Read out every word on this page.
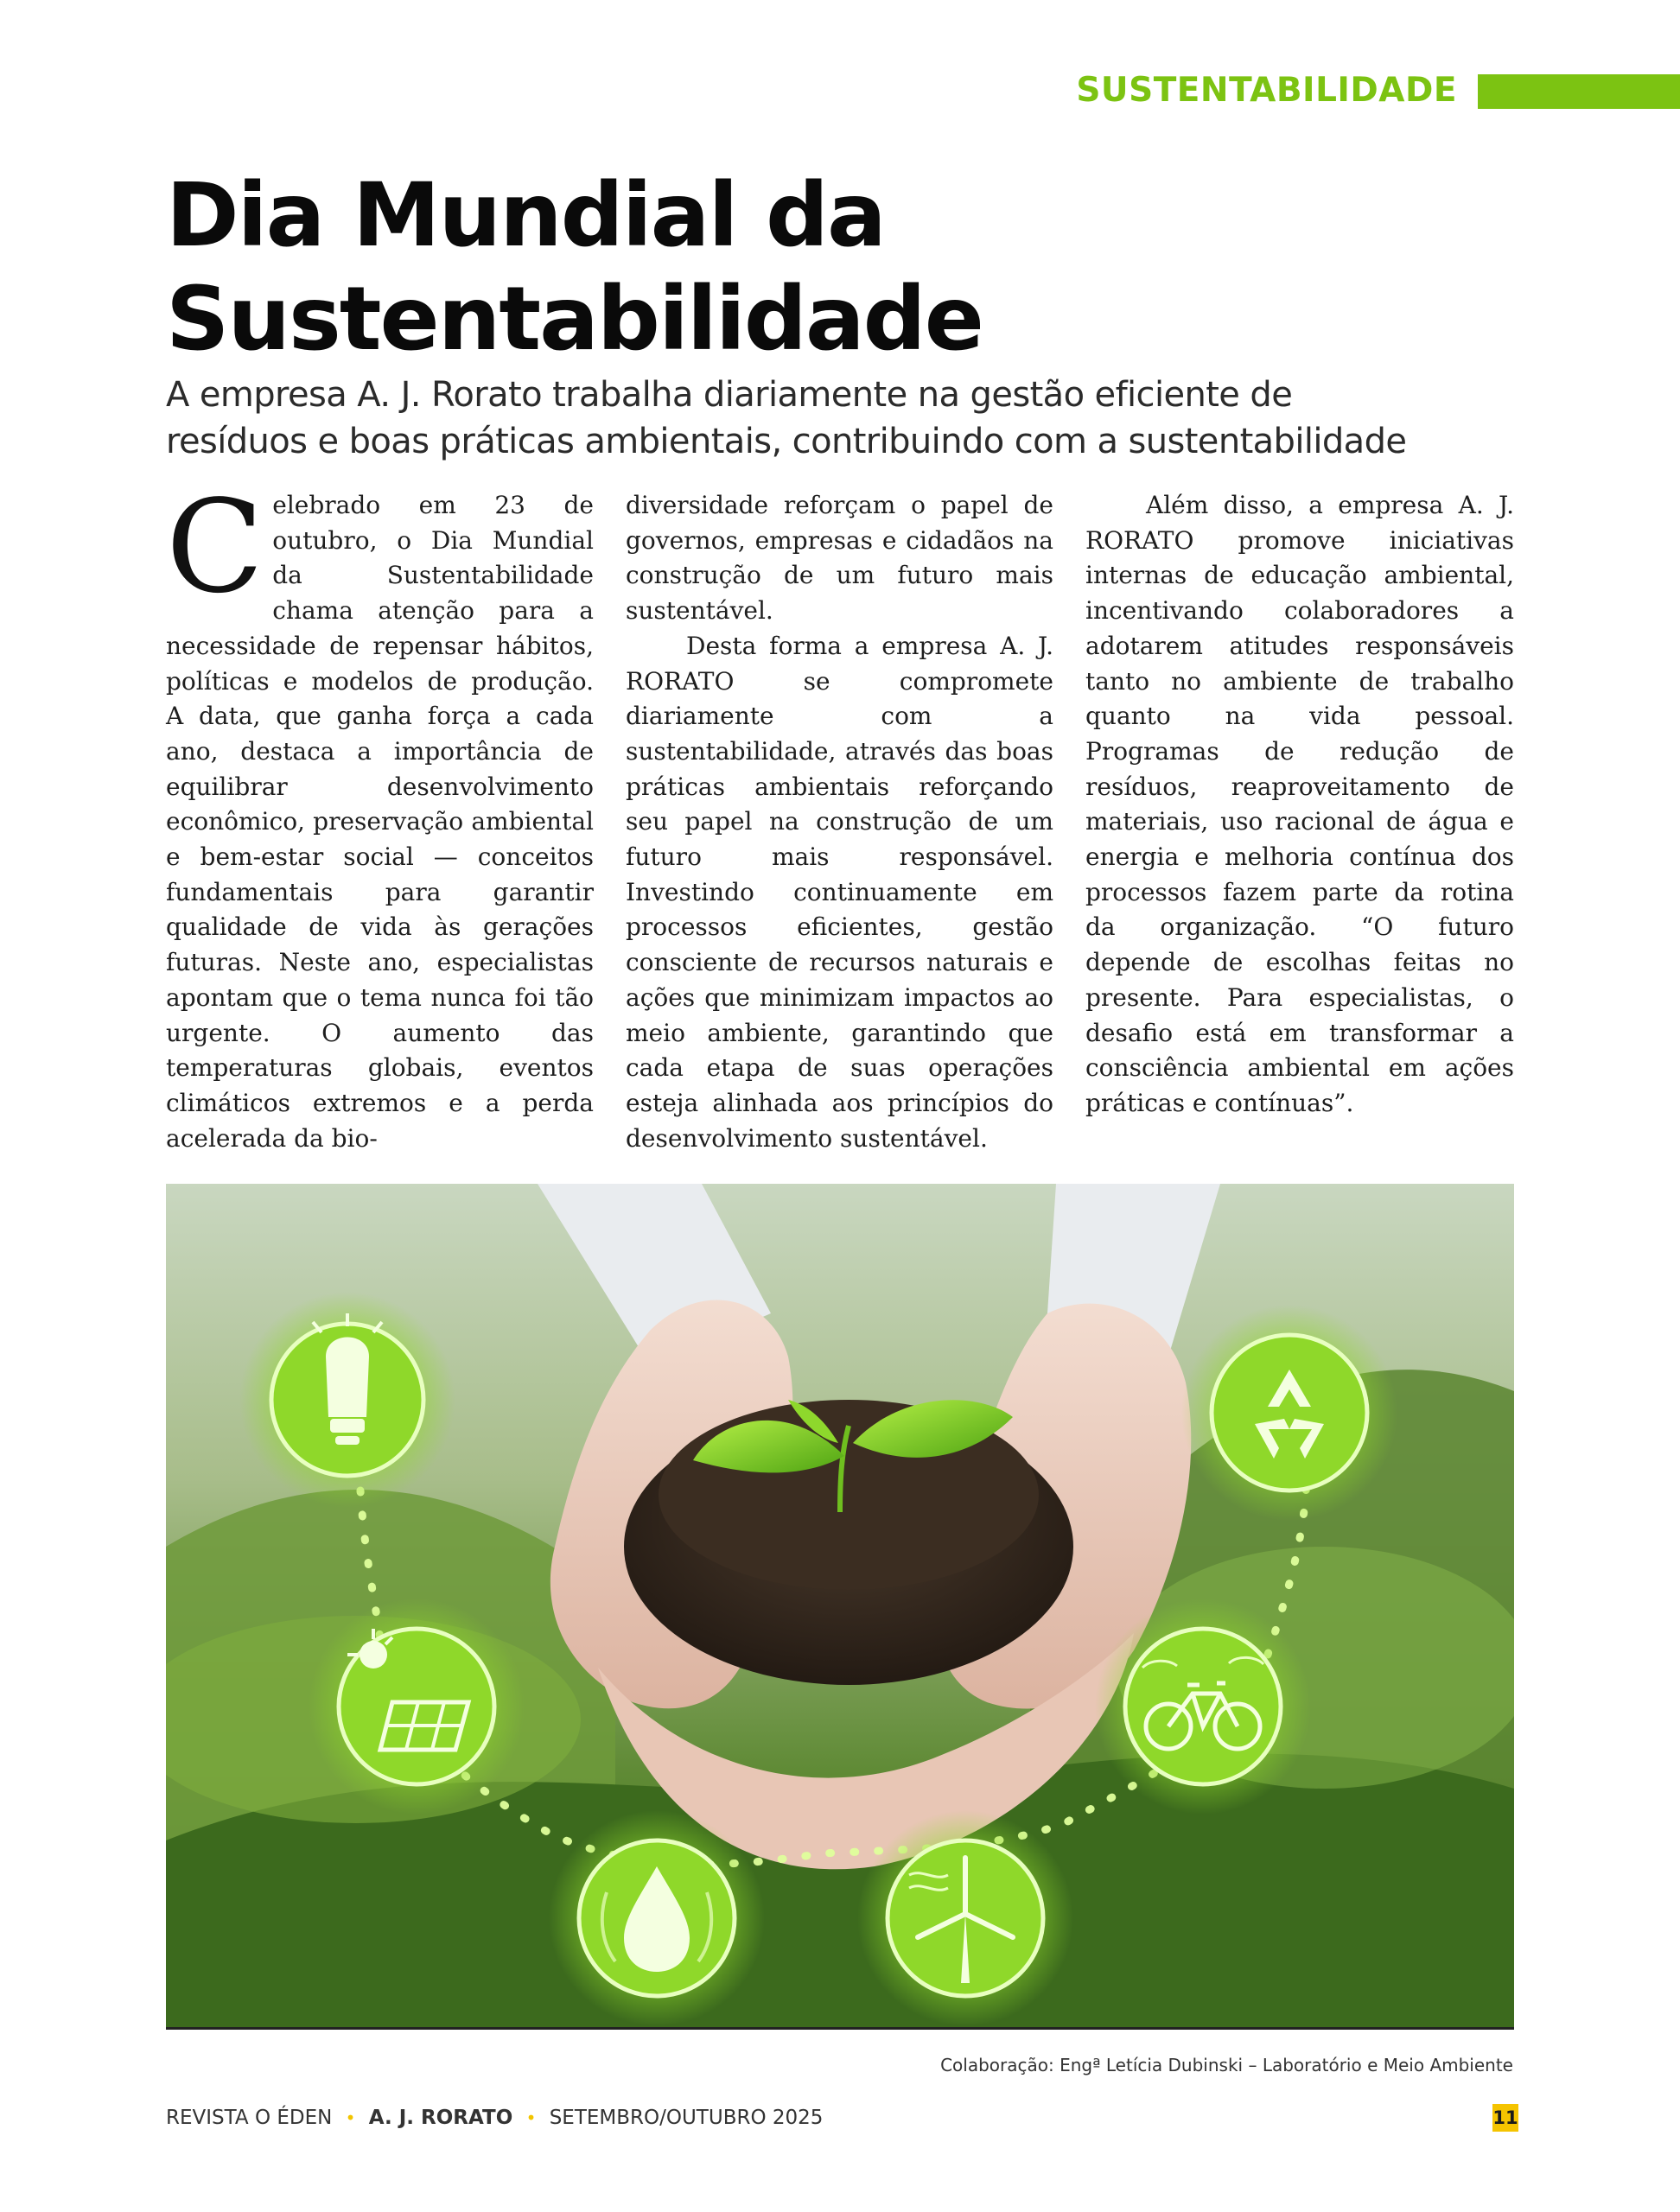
SUSTENTABILIDADE
Dia Mundial da
Sustentabilidade

A empresa A. J. Rorato trabalha diariamente na gestão eficiente de
resíduos e boas práticas ambientais, contribuindo com a sustentabilidade

Celebrado em 23 de outubro, o Dia Mundial da Sustentabilidade chama atenção para a necessidade de repensar hábitos, políticas e modelos de produção. A data, que ganha força a cada ano, destaca a importância de equilibrar desenvolvimento econômico, preservação ambiental e bem-estar social — conceitos fundamentais para garantir qualidade de vida às gerações futuras. Neste ano, especialistas apontam que o tema nunca foi tão urgente. O aumento das temperaturas globais, eventos climáticos extremos e a perda acelerada da bio-

diversidade reforçam o papel de governos, empresas e cidadãos na construção de um futuro mais sustentável.

Desta forma a empresa A. J. RORATO se compromete diariamente com a sustentabilidade, através das boas práticas ambientais reforçando seu papel na construção de um futuro mais responsável. Investindo continuamente em processos eficientes, gestão consciente de recursos naturais e ações que minimizam impactos ao meio ambiente, garantindo que cada etapa de suas operações esteja alinhada aos princípios do desenvolvimento sustentável.

Além disso, a empresa A. J. RORATO promove iniciativas internas de educação ambiental, incentivando colaboradores a adotarem atitudes responsáveis tanto no ambiente de trabalho quanto na vida pessoal. Programas de redução de resíduos, reaproveitamento de materiais, uso racional de água e energia e melhoria contínua dos processos fazem parte da rotina da organização. “O futuro depende de escolhas feitas no presente. Para especialistas, o desafio está em transformar a consciência ambiental em ações práticas e contínuas”.

Colaboração: Engª Letícia Dubinski – Laboratório e Meio Ambiente
REVISTA O ÉDEN • A. J. RORATO • SETEMBRO/OUTUBRO 2025	11
